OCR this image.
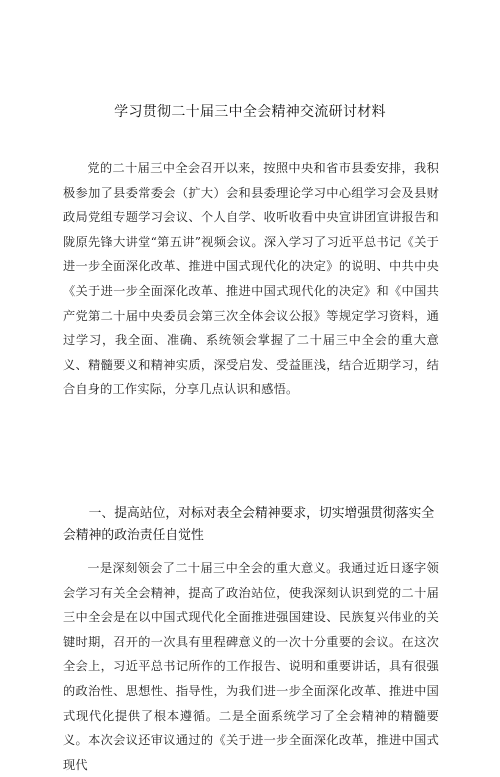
学习贯彻二十届三中全会精神交流研讨材料

党的二十届三中全会召开以来，按照中央和省市县委安排，我积极参加了县委常委会（扩大）会和县委理论学习中心组学习会及县财政局党组专题学习会议、个人自学、收听收看中央宣讲团宣讲报告和陇原先锋大讲堂“第五讲”视频会议。深入学习了习近平总书记《关于进一步全面深化改革、推进中国式现代化的决定》的说明、中共中央《关于进一步全面深化改革、推进中国式现代化的决定》和《中国共产党第二十届中央委员会第三次全体会议公报》等规定学习资料，通过学习，我全面、准确、系统领会掌握了二十届三中全会的重大意义、精髓要义和精神实质，深受启发、受益匪浅，结合近期学习，结合自身的工作实际，分享几点认识和感悟。

一、提高站位，对标对表全会精神要求，切实增强贯彻落实全会精神的政治责任自觉性

一是深刻领会了二十届三中全会的重大意义。我通过近日逐字领会学习有关全会精神，提高了政治站位，使我深刻认识到党的二十届三中全会是在以中国式现代化全面推进强国建设、民族复兴伟业的关键时期，召开的一次具有里程碑意义的一次十分重要的会议。在这次全会上，习近平总书记所作的工作报告、说明和重要讲话，具有很强的政治性、思想性、指导性，为我们进一步全面深化改革、推进中国式现代化提供了根本遵循。二是全面系统学习了全会精神的精髓要义。本次会议还审议通过的《关于进一步全面深化改革，推进中国式现代
